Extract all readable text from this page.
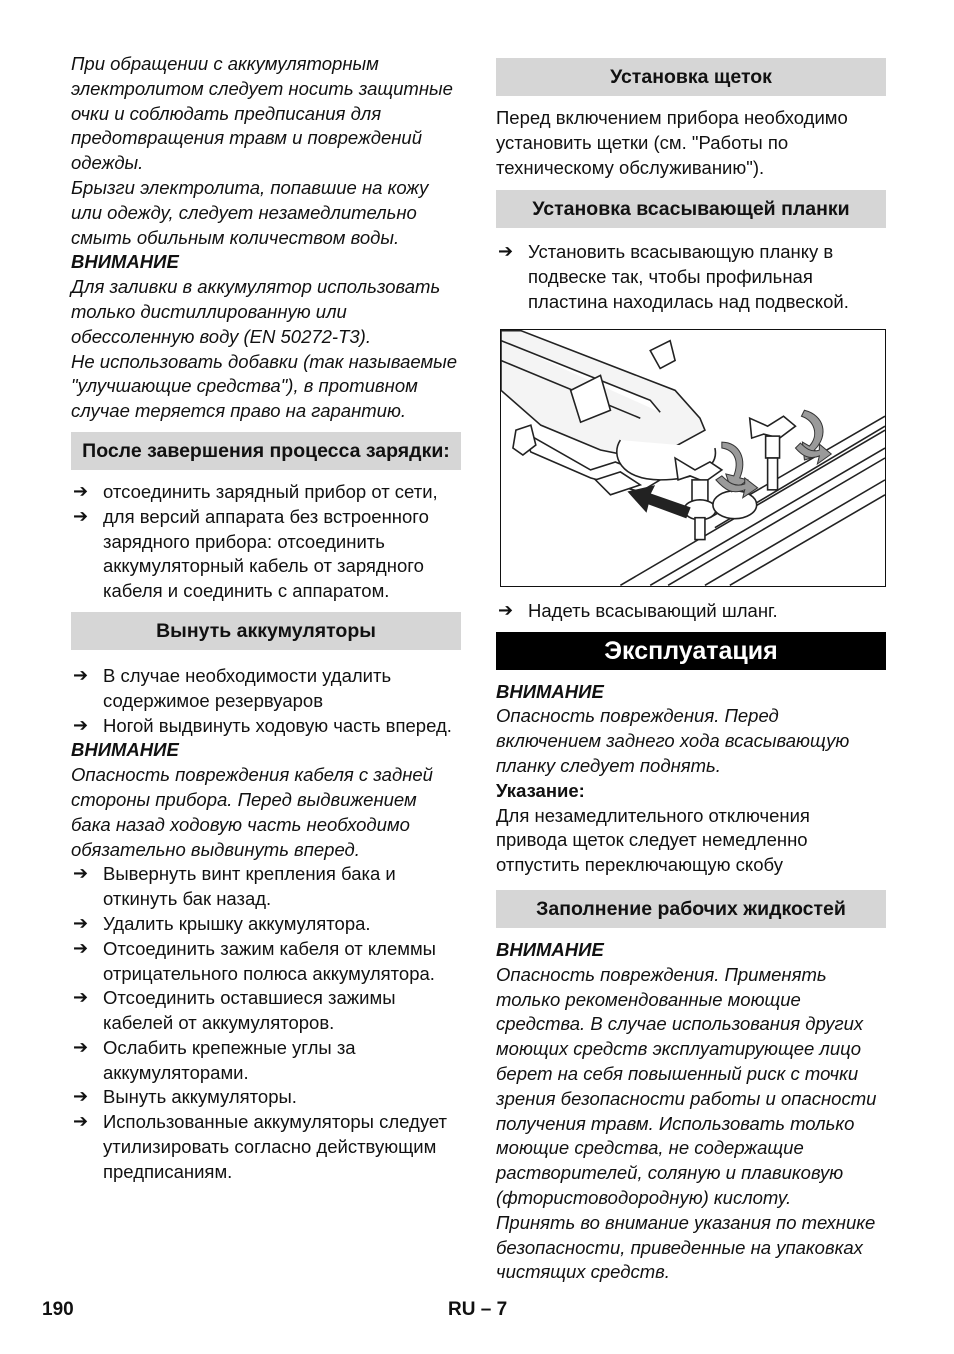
При обращении с аккумуляторным электролитом следует носить защитные очки и соблюдать предписания для предотвращения травм и повреждений одежды.

Брызги электролита, попавшие на кожу или одежду, следует незамедлительно смыть обильным количеством воды.

ВНИМАНИЕ

Для заливки в аккумулятор использовать только дистиллированную или обессоленную воду (EN 50272-T3).

Не использовать добавки (так называемые "улучшающие средства"), в противном случае теряется право на гарантию.

После завершения процесса зарядки:
➔ отсоединить зарядный прибор от сети,
➔ для версий аппарата без встроенного зарядного прибора: отсоединить аккумуляторный кабель от зарядного кабеля и соединить с аппаратом.
Вынуть аккумуляторы
➔ В случае необходимости удалить содержимое резервуаров
➔ Ногой выдвинуть ходовую часть вперед.

ВНИМАНИЕ

Опасность повреждения кабеля с задней стороны прибора. Перед выдвижением бака назад ходовую часть необходимо обязательно выдвинуть вперед.

➔ Вывернуть винт крепления бака и откинуть бак назад.
➔ Удалить крышку аккумулятора.
➔ Отсоединить зажим кабеля от клеммы отрицательного полюса аккумулятора.
➔ Отсоединить оставшиеся зажимы кабелей от аккумуляторов.
➔ Ослабить крепежные углы за аккумуляторами.
➔ Вынуть аккумуляторы.
➔ Использованные аккумуляторы следует утилизировать согласно действующим предписаниям.
Установка щеток

Перед включением прибора необходимо установить щетки (см. "Работы по техническому обслуживанию").

Установка всасывающей планки
➔ Установить всасывающую планку в подвеске так, чтобы профильная пластина находилась над подвеской.
➔ Надеть всасывающий шланг.
Эксплуатация

ВНИМАНИЕ

Опасность повреждения. Перед включением заднего хода всасывающую планку следует поднять.

Указание:

Для незамедлительного отключения привода щеток следует немедленно отпустить переключающую скобу

Заполнение рабочих жидкостей

ВНИМАНИЕ

Опасность повреждения. Применять только рекомендованные моющие средства. В случае использования других моющих средств эксплуатирующее лицо берет на себя повышенный риск с точки зрения безопасности работы и опасности получения травм. Использовать только моющие средства, не содержащие растворителей, соляную и плавиковую (фтористоводородную) кислоту.

Принять во внимание указания по технике безопасности, приведенные на упаковках чистящих средств.

190	RU – 7
